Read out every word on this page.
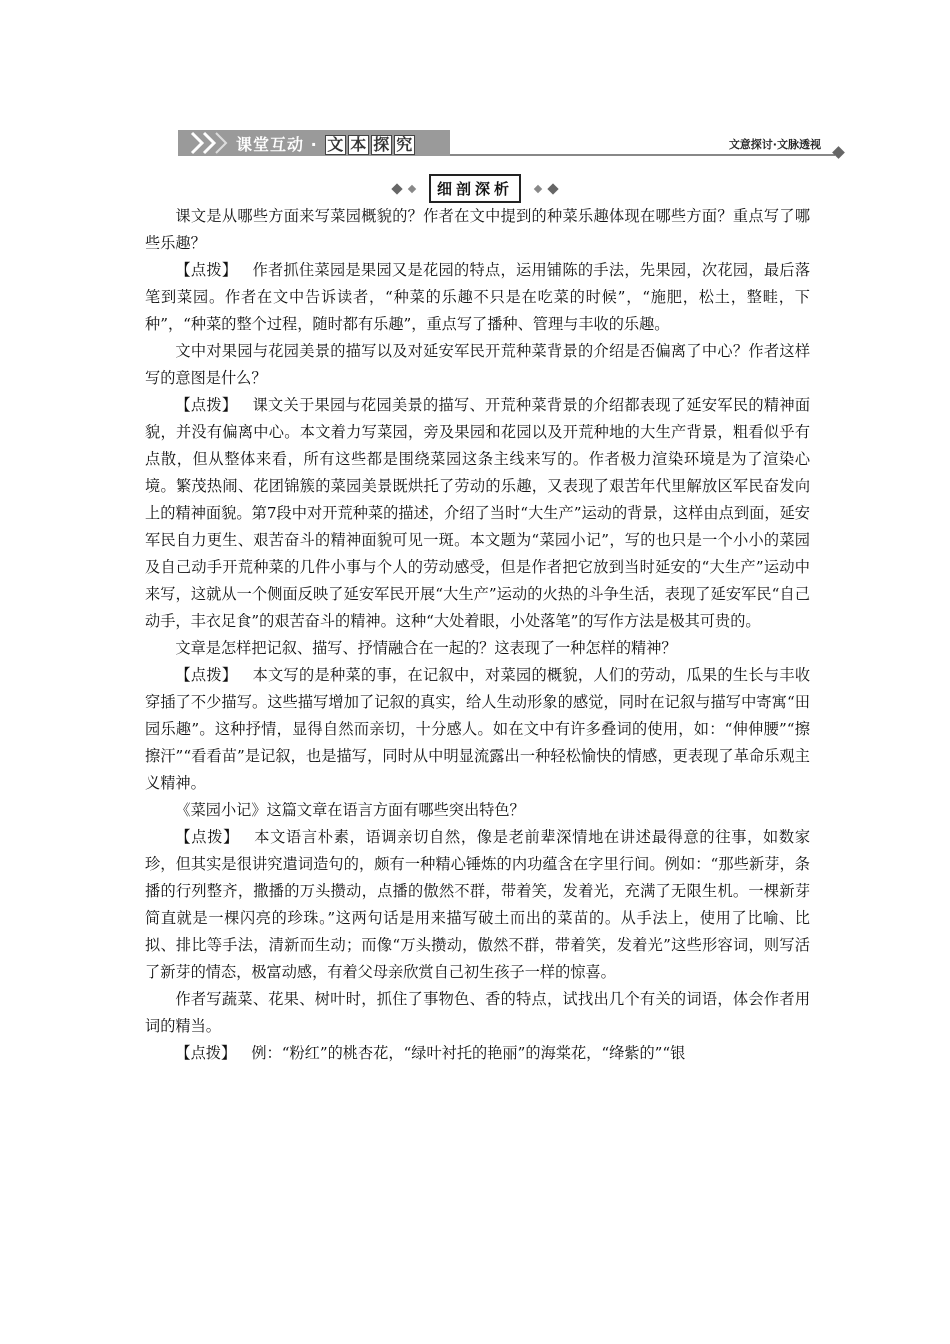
课堂互动 · 文 本 探 究	文意探讨·文脉透视
细剖深析

课文是从哪些方面来写菜园概貌的？作者在文中提到的种菜乐趣体现在哪些方面？重点写了哪些乐趣？

【点拨】 作者抓住菜园是果园又是花园的特点，运用铺陈的手法，先果园，次花园，最后落笔到菜园。作者在文中告诉读者，“种菜的乐趣不只是在吃菜的时候”，“施肥，松土，整畦，下种”，“种菜的整个过程，随时都有乐趣”，重点写了播种、管理与丰收的乐趣。

文中对果园与花园美景的描写以及对延安军民开荒种菜背景的介绍是否偏离了中心？作者这样写的意图是什么？

【点拨】 课文关于果园与花园美景的描写、开荒种菜背景的介绍都表现了延安军民的精神面貌，并没有偏离中心。本文着力写菜园，旁及果园和花园以及开荒种地的大生产背景，粗看似乎有点散，但从整体来看，所有这些都是围绕菜园这条主线来写的。作者极力渲染环境是为了渲染心境。繁茂热闹、花团锦簇的菜园美景既烘托了劳动的乐趣，又表现了艰苦年代里解放区军民奋发向上的精神面貌。第7段中对开荒种菜的描述，介绍了当时“大生产”运动的背景，这样由点到面，延安军民自力更生、艰苦奋斗的精神面貌可见一斑。本文题为“菜园小记”，写的也只是一个小小的菜园及自己动手开荒种菜的几件小事与个人的劳动感受，但是作者把它放到当时延安的“大生产”运动中来写，这就从一个侧面反映了延安军民开展“大生产”运动的火热的斗争生活，表现了延安军民“自己动手，丰衣足食”的艰苦奋斗的精神。这种“大处着眼，小处落笔”的写作方法是极其可贵的。

文章是怎样把记叙、描写、抒情融合在一起的？这表现了一种怎样的精神？

【点拨】 本文写的是种菜的事，在记叙中，对菜园的概貌，人们的劳动，瓜果的生长与丰收穿插了不少描写。这些描写增加了记叙的真实，给人生动形象的感觉，同时在记叙与描写中寄寓“田园乐趣”。这种抒情，显得自然而亲切，十分感人。如在文中有许多叠词的使用，如：“伸伸腰”“擦擦汗”“看看苗”是记叙，也是描写，同时从中明显流露出一种轻松愉快的情感，更表现了革命乐观主义精神。

《菜园小记》这篇文章在语言方面有哪些突出特色？

【点拨】 本文语言朴素，语调亲切自然，像是老前辈深情地在讲述最得意的往事，如数家珍，但其实是很讲究遣词造句的，颇有一种精心锤炼的内功蕴含在字里行间。例如：“那些新芽，条播的行列整齐，撒播的万头攒动，点播的傲然不群，带着笑，发着光，充满了无限生机。一棵新芽简直就是一棵闪亮的珍珠。”这两句话是用来描写破土而出的菜苗的。从手法上，使用了比喻、比拟、排比等手法，清新而生动；而像“万头攒动，傲然不群，带着笑，发着光”这些形容词，则写活了新芽的情态，极富动感，有着父母亲欣赏自己初生孩子一样的惊喜。

作者写蔬菜、花果、树叶时，抓住了事物色、香的特点，试找出几个有关的词语，体会作者用词的精当。

【点拨】 例：“粉红”的桃杏花，“绿叶衬托的艳丽”的海棠花，“绛紫的”“银
